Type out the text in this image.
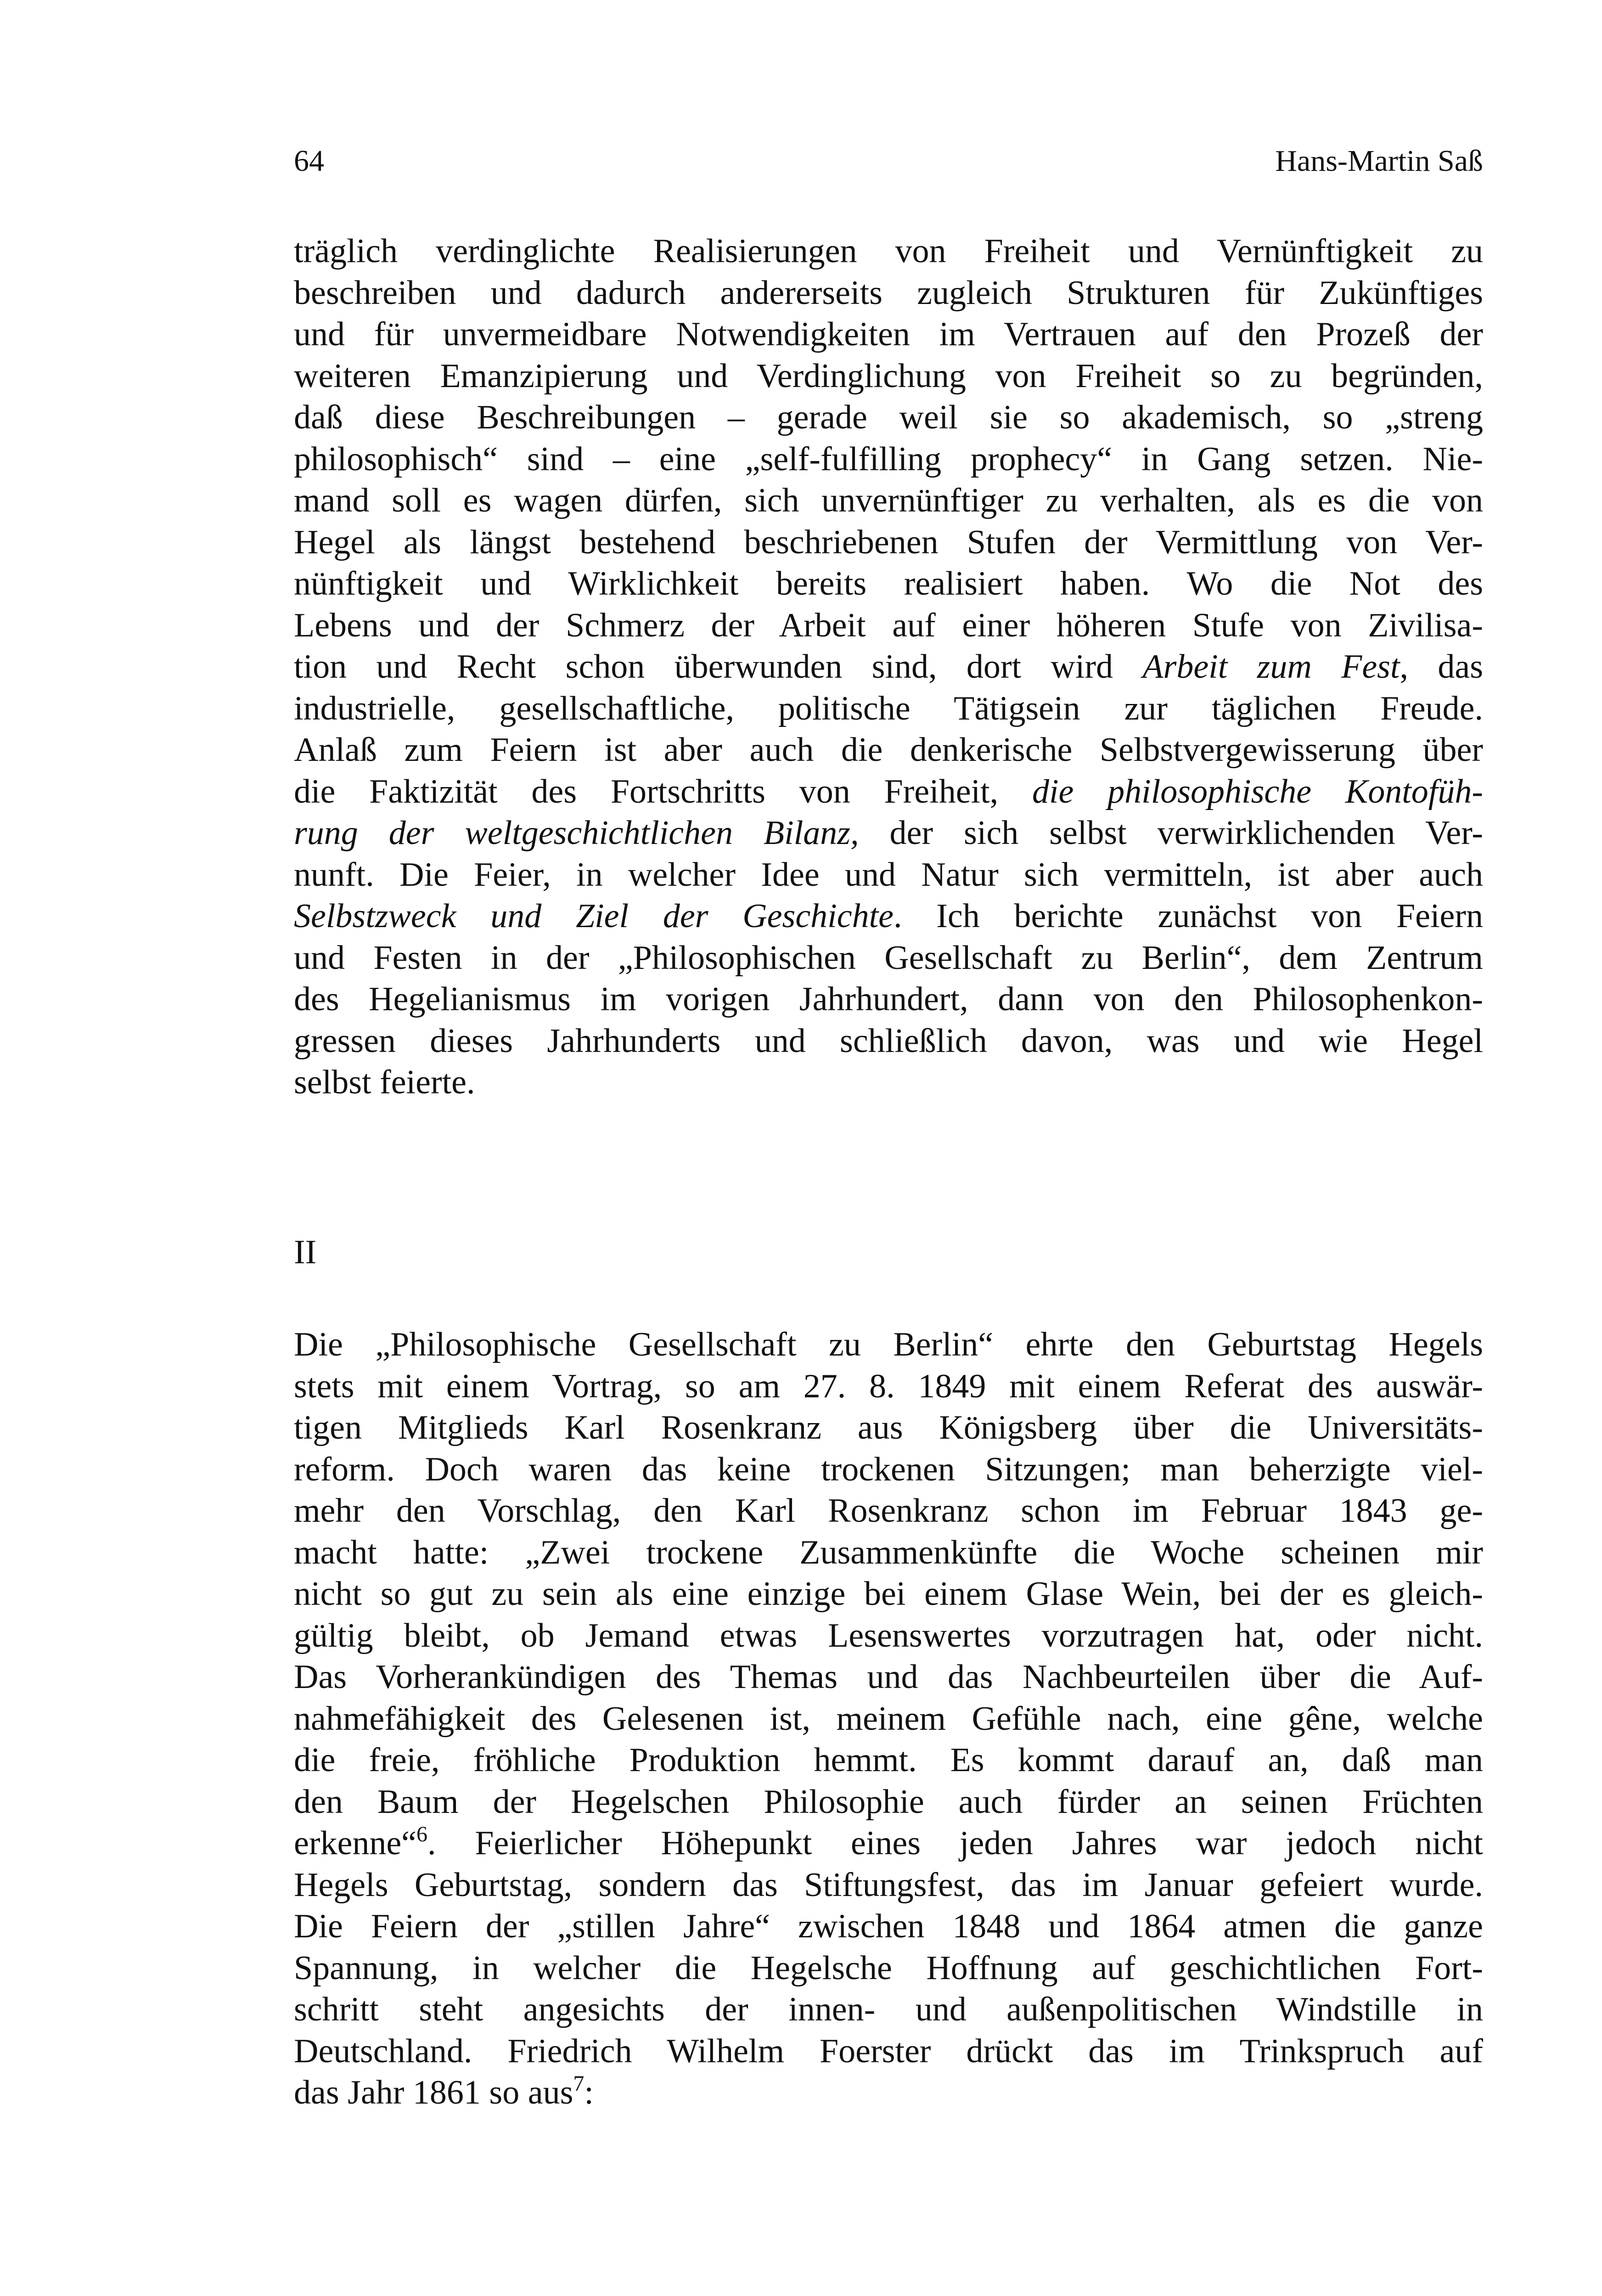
64	Hans-Martin Saß
träglich verdinglichte Realisierungen von Freiheit und Vernünftigkeit zu
beschreiben und dadurch andererseits zugleich Strukturen für Zukünftiges
und für unvermeidbare Notwendigkeiten im Vertrauen auf den Prozeß der
weiteren Emanzipierung und Verdinglichung von Freiheit so zu begründen,
daß diese Beschreibungen – gerade weil sie so akademisch, so „streng
philosophisch“ sind – eine „self-fulfilling prophecy“ in Gang setzen. Nie-
mand soll es wagen dürfen, sich unvernünftiger zu verhalten, als es die von
Hegel als längst bestehend beschriebenen Stufen der Vermittlung von Ver-
nünftigkeit und Wirklichkeit bereits realisiert haben. Wo die Not des
Lebens und der Schmerz der Arbeit auf einer höheren Stufe von Zivilisa-
tion und Recht schon überwunden sind, dort wird Arbeit zum Fest, das
industrielle, gesellschaftliche, politische Tätigsein zur täglichen Freude.
Anlaß zum Feiern ist aber auch die denkerische Selbstvergewisserung über
die Faktizität des Fortschritts von Freiheit, die philosophische Kontofüh-
rung der weltgeschichtlichen Bilanz, der sich selbst verwirklichenden Ver-
nunft. Die Feier, in welcher Idee und Natur sich vermitteln, ist aber auch
Selbstzweck und Ziel der Geschichte. Ich berichte zunächst von Feiern
und Festen in der „Philosophischen Gesellschaft zu Berlin“, dem Zentrum
des Hegelianismus im vorigen Jahrhundert, dann von den Philosophenkon-
gressen dieses Jahrhunderts und schließlich davon, was und wie Hegel
selbst feierte.
II
Die „Philosophische Gesellschaft zu Berlin“ ehrte den Geburtstag Hegels
stets mit einem Vortrag, so am 27. 8. 1849 mit einem Referat des auswär-
tigen Mitglieds Karl Rosenkranz aus Königsberg über die Universitäts-
reform. Doch waren das keine trockenen Sitzungen; man beherzigte viel-
mehr den Vorschlag, den Karl Rosenkranz schon im Februar 1843 ge-
macht hatte: „Zwei trockene Zusammenkünfte die Woche scheinen mir
nicht so gut zu sein als eine einzige bei einem Glase Wein, bei der es gleich-
gültig bleibt, ob Jemand etwas Lesenswertes vorzutragen hat, oder nicht.
Das Vorherankündigen des Themas und das Nachbeurteilen über die Auf-
nahmefähigkeit des Gelesenen ist, meinem Gefühle nach, eine gêne, welche
die freie, fröhliche Produktion hemmt. Es kommt darauf an, daß man
den Baum der Hegelschen Philosophie auch fürder an seinen Früchten
erkenne“$^6$. Feierlicher Höhepunkt eines jeden Jahres war jedoch nicht
Hegels Geburtstag, sondern das Stiftungsfest, das im Januar gefeiert wurde.
Die Feiern der „stillen Jahre“ zwischen 1848 und 1864 atmen die ganze
Spannung, in welcher die Hegelsche Hoffnung auf geschichtlichen Fort-
schritt steht angesichts der innen- und außenpolitischen Windstille in
Deutschland. Friedrich Wilhelm Foerster drückt das im Trinkspruch auf
das Jahr 1861 so aus$^7$:
